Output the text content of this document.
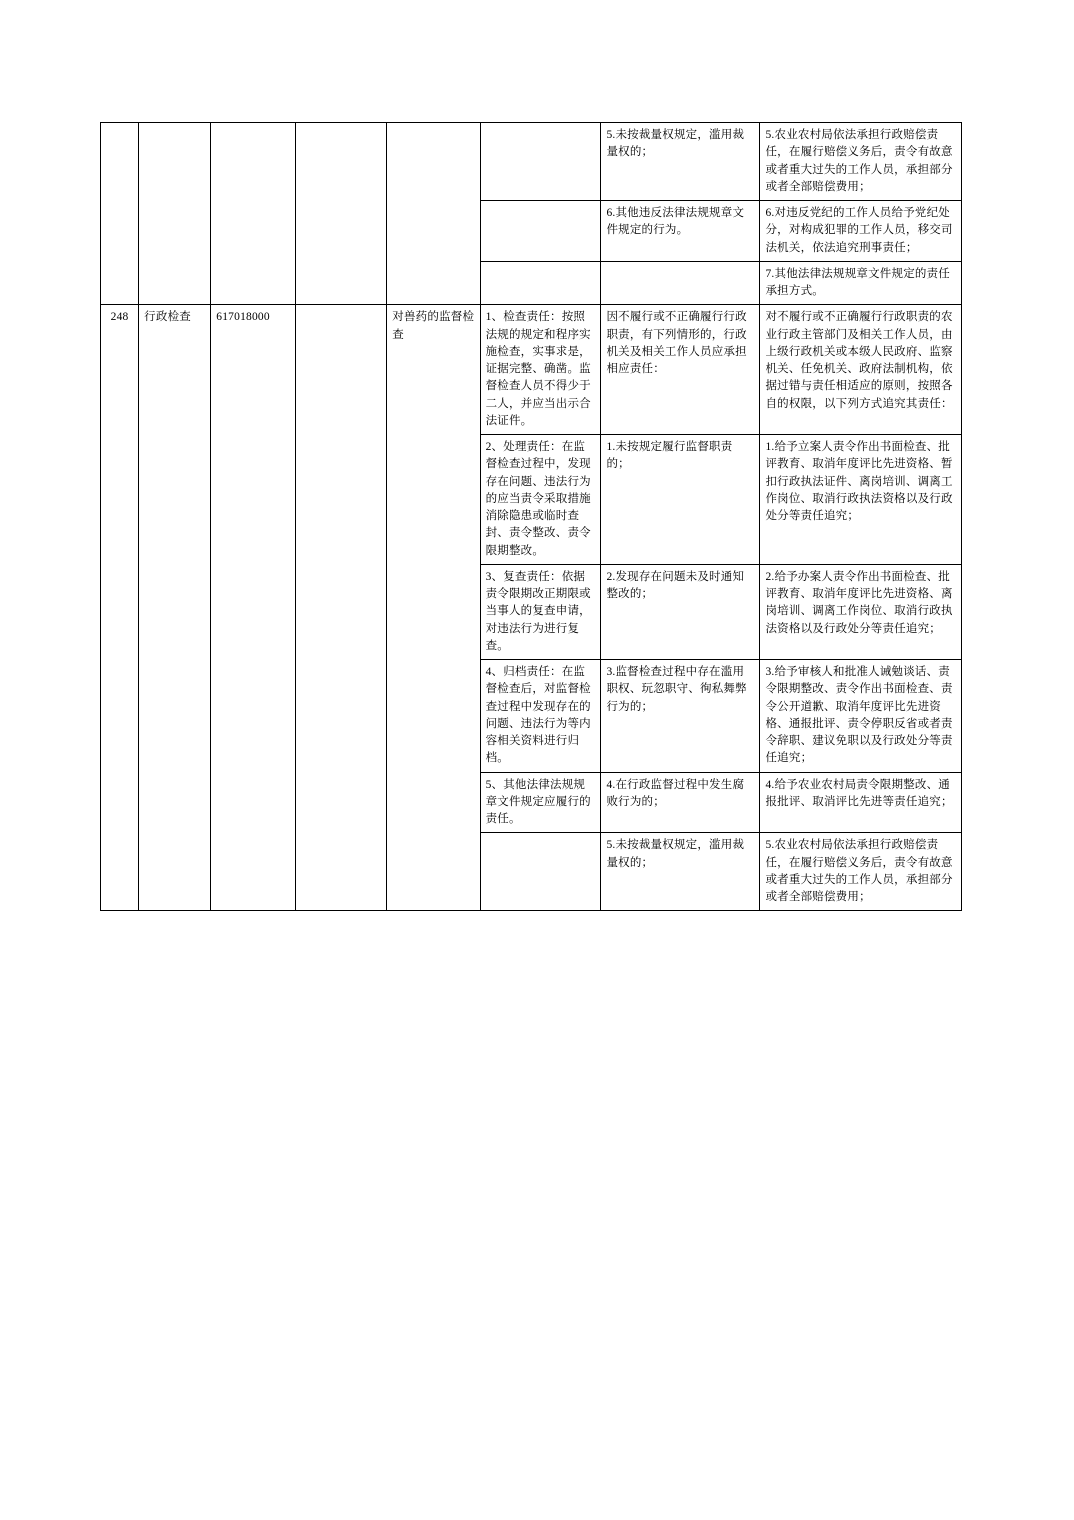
						5.未按裁量权规定，滥用裁量权的；	5.农业农村局依法承担行政赔偿责任，在履行赔偿义务后，责令有故意或者重大过失的工作人员，承担部分或者全部赔偿费用；
						6.其他违反法律法规规章文件规定的行为。	6.对违反党纪的工作人员给予党纪处分，对构成犯罪的工作人员，移交司法机关，依法追究刑事责任；
							7.其他法律法规规章文件规定的责任承担方式。
248	行政检查	617018000		对兽药的监督检查	1、检查责任：按照法规的规定和程序实施检查，实事求是，证据完整、确凿。监督检查人员不得少于二人，并应当出示合法证件。	因不履行或不正确履行行政职责，有下列情形的，行政机关及相关工作人员应承担相应责任：	对不履行或不正确履行行政职责的农业行政主管部门及相关工作人员，由上级行政机关或本级人民政府、监察机关、任免机关、政府法制机构，依据过错与责任相适应的原则，按照各自的权限，以下列方式追究其责任：
					2、处理责任：在监督检查过程中，发现存在问题、违法行为的应当责令采取措施消除隐患或临时查封、责令整改、责令限期整改。	1.未按规定履行监督职责的；	1.给予立案人责令作出书面检查、批评教育、取消年度评比先进资格、暂扣行政执法证件、离岗培训、调离工作岗位、取消行政执法资格以及行政处分等责任追究；
					3、复查责任：依据责令限期改正期限或当事人的复查申请，对违法行为进行复查。	2.发现存在问题未及时通知整改的；	2.给予办案人责令作出书面检查、批评教育、取消年度评比先进资格、离岗培训、调离工作岗位、取消行政执法资格以及行政处分等责任追究；
					4、归档责任：在监督检查后，对监督检查过程中发现存在的问题、违法行为等内容相关资料进行归档。	3.监督检查过程中存在滥用职权、玩忽职守、徇私舞弊行为的；	3.给予审核人和批准人诫勉谈话、责令限期整改、责令作出书面检查、责令公开道歉、取消年度评比先进资格、通报批评、责令停职反省或者责令辞职、建议免职以及行政处分等责任追究；
					5、其他法律法规规章文件规定应履行的责任。	4.在行政监督过程中发生腐败行为的；	4.给予农业农村局责令限期整改、通报批评、取消评比先进等责任追究；
						5.未按裁量权规定，滥用裁量权的；	5.农业农村局依法承担行政赔偿责任，在履行赔偿义务后，责令有故意或者重大过失的工作人员，承担部分或者全部赔偿费用；
